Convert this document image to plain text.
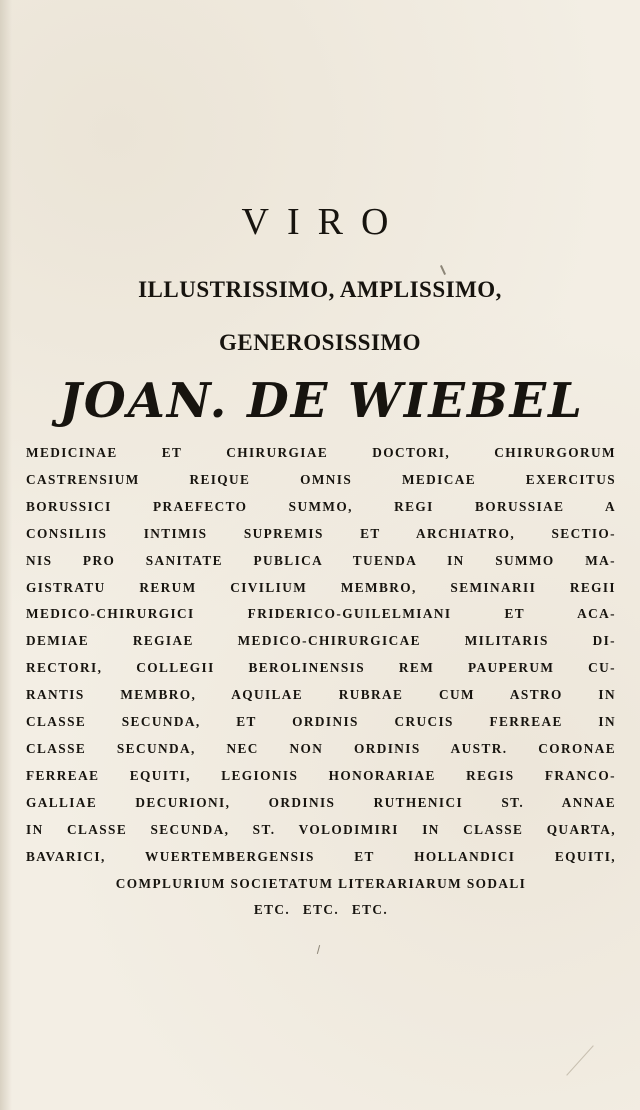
VIRO
ILLUSTRISSIMO, AMPLISSIMO,
GENEROSISSIMO
JOAN. DE WIEBEL
MEDICINAE ET CHIRURGIAE DOCTORI, CHIRURGORUM
CASTRENSIUM REIQUE OMNIS MEDICAE EXERCITUS
BORUSSICI PRAEFECTO SUMMO, REGI BORUSSIAE A
CONSILIIS INTIMIS SUPREMIS ET ARCHIATRO, SECTIO-
NIS PRO SANITATE PUBLICA TUENDA IN SUMMO MA-
GISTRATU RERUM CIVILIUM MEMBRO, SEMINARII REGII
MEDICO-CHIRURGICI FRIDERICO-GUILELMIANI ET ACA-
DEMIAE REGIAE MEDICO-CHIRURGICAE MILITARIS DI-
RECTORI, COLLEGII BEROLINENSIS REM PAUPERUM CU-
RANTIS MEMBRO, AQUILAE RUBRAE CUM ASTRO IN
CLASSE SECUNDA, ET ORDINIS CRUCIS FERREAE IN
CLASSE SECUNDA, NEC NON ORDINIS AUSTR. CORONAE
FERREAE EQUITI, LEGIONIS HONORARIAE REGIS FRANCO-
GALLIAE DECURIONI, ORDINIS RUTHENICI ST. ANNAE
IN CLASSE SECUNDA, ST. VOLODIMIRI IN CLASSE QUARTA,
BAVARICI, WUERTEMBERGENSIS ET HOLLANDICI EQUITI,
COMPLURIUM SOCIETATUM LITERARIARUM SODALI
ETC. ETC. ETC.
